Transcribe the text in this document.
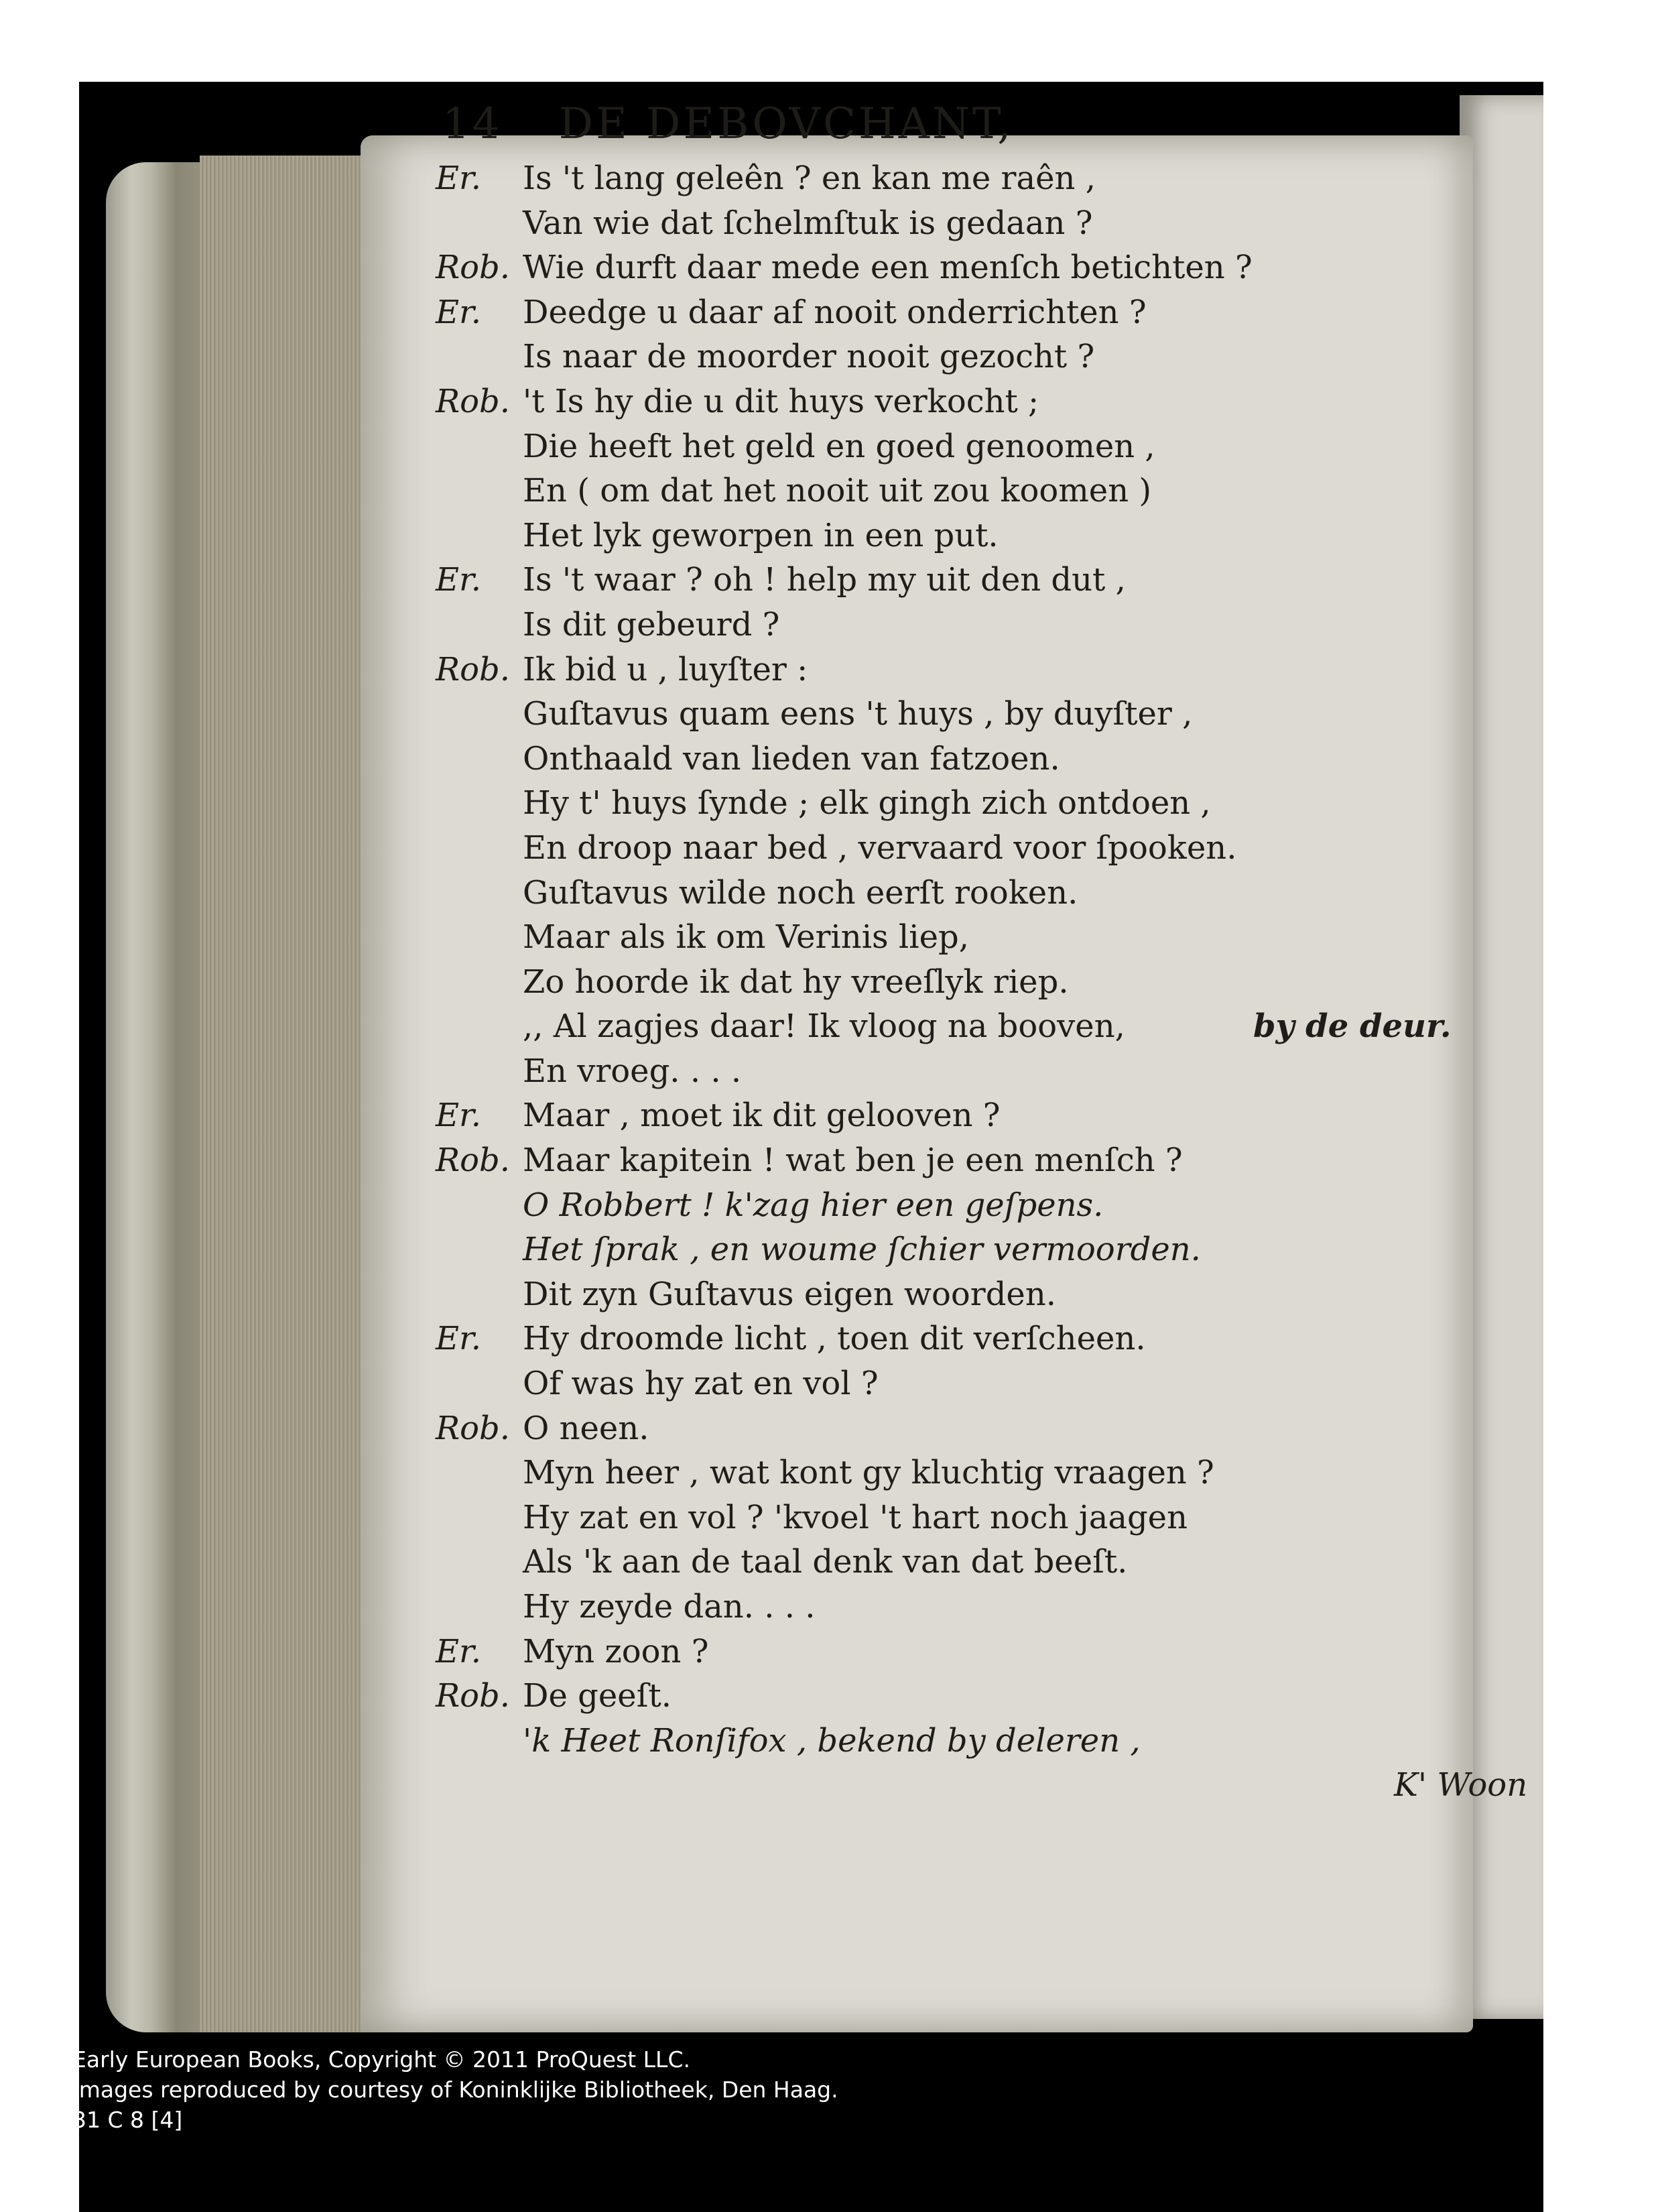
14 DE DEBOVCHANT,
Er. Is 't lang geleên ? en kan me raên ,
Van wie dat ſchelmſtuk is gedaan ?
Rob. Wie durft daar mede een menſch betichten ?
Er. Deedge u daar af nooit onderrichten ?
Is naar de moorder nooit gezocht ?
Rob. 't Is hy die u dit huys verkocht ;
Die heeft het geld en goed genoomen ,
En ( om dat het nooit uit zou koomen )
Het lyk geworpen in een put.
Er. Is 't waar ? oh ! help my uit den dut ,
Is dit gebeurd ?
Rob. Ik bid u , luyſter :
Guſtavus quam eens 't huys , by duyſter ,
Onthaald van lieden van fatzoen.
Hy t' huys ſynde ; elk gingh zich ontdoen ,
En droop naar bed , vervaard voor ſpooken.
Guſtavus wilde noch eerſt rooken.
Maar als ik om Verinis liep,
Zo hoorde ik dat hy vreeſlyk riep.
,, Al zagjes daar! Ik vloog na booven,	by de deur.
En vroeg. . . .
Er. Maar , moet ik dit gelooven ?
Rob. Maar kapitein ! wat ben je een menſch ?
O Robbert ! k'zag hier een geſpens.
Het ſprak , en woume ſchier vermoorden.
Dit zyn Guſtavus eigen woorden.
Er. Hy droomde licht , toen dit verſcheen.
Of was hy zat en vol ?
Rob. O neen.
Myn heer , wat kont gy kluchtig vraagen ?
Hy zat en vol ? 'kvoel 't hart noch jaagen
Als 'k aan de taal denk van dat beeſt.
Hy zeyde dan. . . .
Er. Myn zoon ?
Rob. De geeſt.
'k Heet Ronſifox , bekend by deleren ,
K' Woon
Early European Books, Copyright © 2011 ProQuest LLC.
Images reproduced by courtesy of Koninklijke Bibliotheek, Den Haag.
31 C 8 [4]
